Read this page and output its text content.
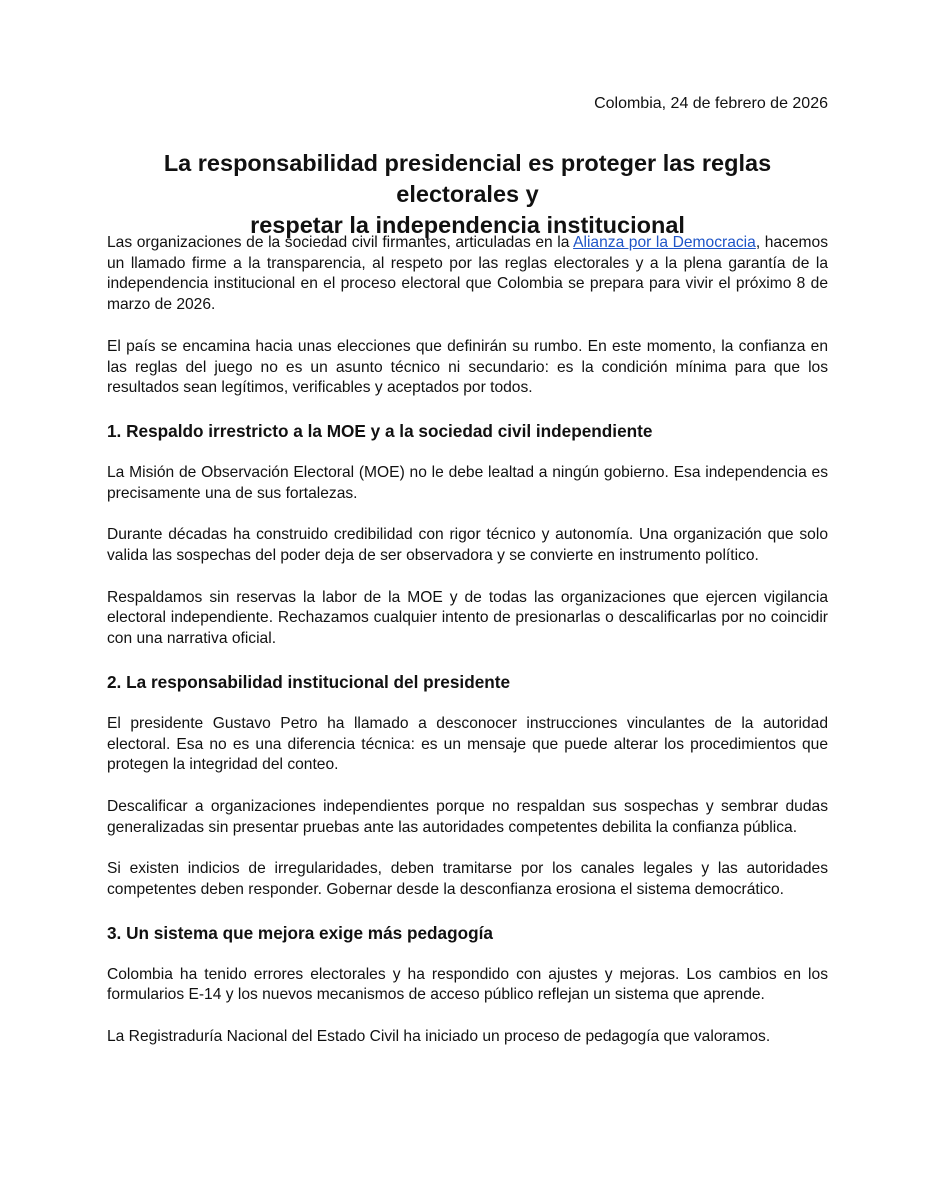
Colombia, 24 de febrero de 2026
La responsabilidad presidencial es proteger las reglas electorales y
respetar la independencia institucional

Las organizaciones de la sociedad civil firmantes, articuladas en la Alianza por la Democracia, hacemos un llamado firme a la transparencia, al respeto por las reglas electorales y a la plena garantía de la independencia institucional en el proceso electoral que Colombia se prepara para vivir el próximo 8 de marzo de 2026.

El país se encamina hacia unas elecciones que definirán su rumbo. En este momento, la confianza en las reglas del juego no es un asunto técnico ni secundario: es la condición mínima para que los resultados sean legítimos, verificables y aceptados por todos.

1. Respaldo irrestricto a la MOE y a la sociedad civil independiente

La Misión de Observación Electoral (MOE) no le debe lealtad a ningún gobierno. Esa independencia es precisamente una de sus fortalezas.

Durante décadas ha construido credibilidad con rigor técnico y autonomía. Una organización que solo valida las sospechas del poder deja de ser observadora y se convierte en instrumento político.

Respaldamos sin reservas la labor de la MOE y de todas las organizaciones que ejercen vigilancia electoral independiente. Rechazamos cualquier intento de presionarlas o descalificarlas por no coincidir con una narrativa oficial.

2. La responsabilidad institucional del presidente

El presidente Gustavo Petro ha llamado a desconocer instrucciones vinculantes de la autoridad electoral. Esa no es una diferencia técnica: es un mensaje que puede alterar los procedimientos que protegen la integridad del conteo.

Descalificar a organizaciones independientes porque no respaldan sus sospechas y sembrar dudas generalizadas sin presentar pruebas ante las autoridades competentes debilita la confianza pública.

Si existen indicios de irregularidades, deben tramitarse por los canales legales y las autoridades competentes deben responder. Gobernar desde la desconfianza erosiona el sistema democrático.

3. Un sistema que mejora exige más pedagogía

Colombia ha tenido errores electorales y ha respondido con ajustes y mejoras. Los cambios en los formularios E-14 y los nuevos mecanismos de acceso público reflejan un sistema que aprende.

La Registraduría Nacional del Estado Civil ha iniciado un proceso de pedagogía que valoramos.
